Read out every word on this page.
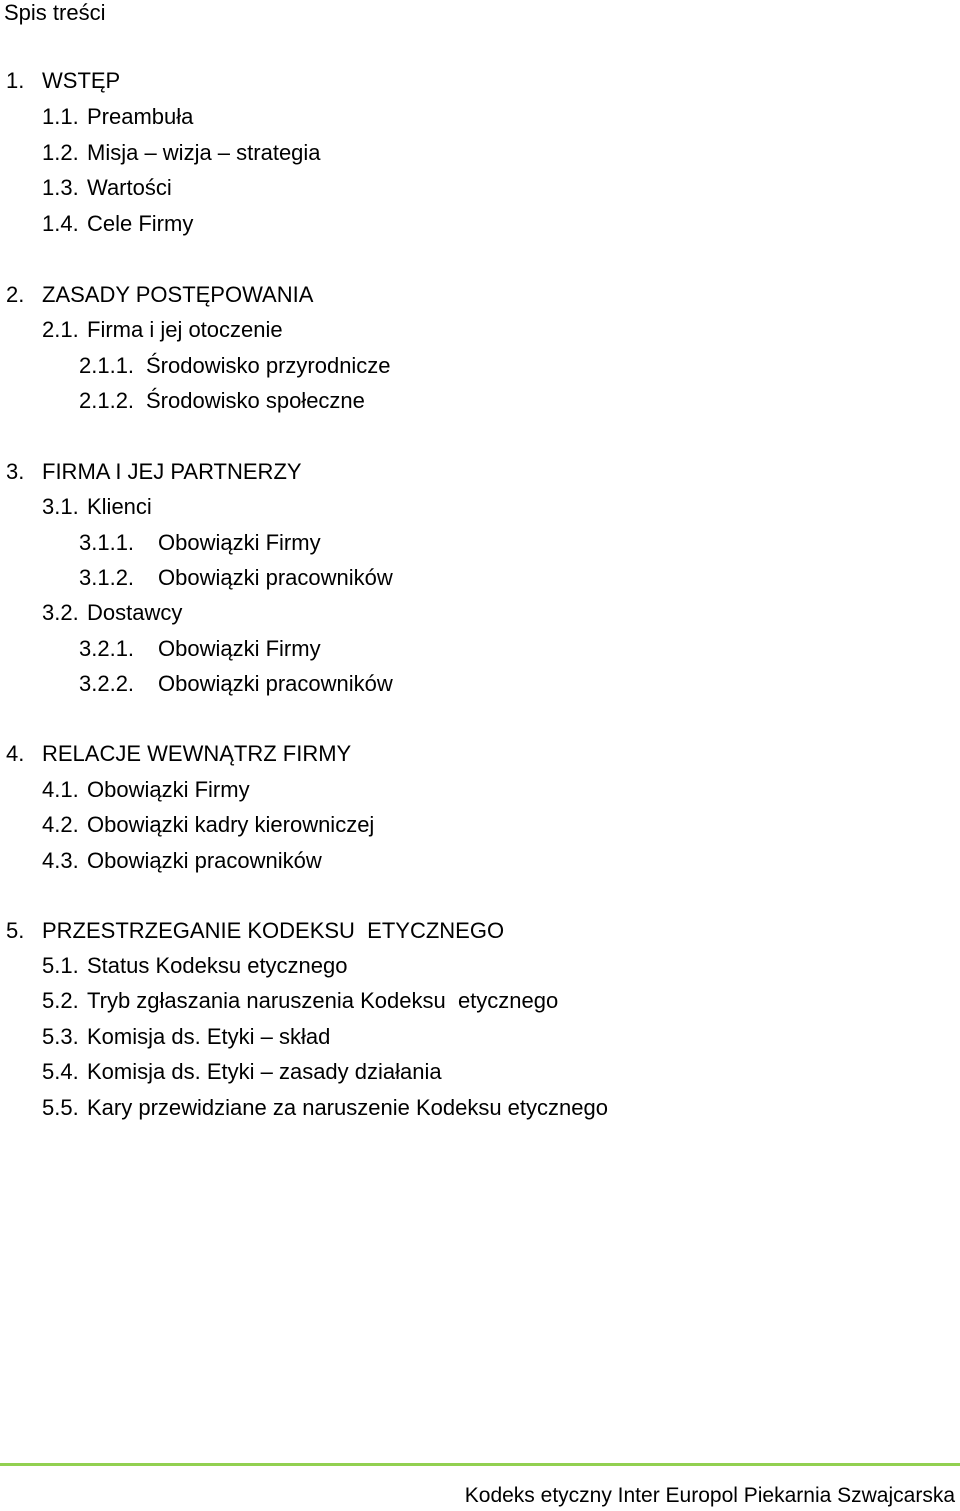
Spis treści
1. WSTĘP
1.1. Preambuła
1.2. Misja – wizja – strategia
1.3. Wartości
1.4. Cele Firmy
2. ZASADY POSTĘPOWANIA
2.1. Firma i jej otoczenie
2.1.1. Środowisko przyrodnicze
2.1.2. Środowisko społeczne
3. FIRMA I JEJ PARTNERZY
3.1. Klienci
3.1.1. Obowiązki Firmy
3.1.2. Obowiązki pracowników
3.2. Dostawcy
3.2.1. Obowiązki Firmy
3.2.2. Obowiązki pracowników
4. RELACJE WEWNĄTRZ FIRMY
4.1. Obowiązki Firmy
4.2. Obowiązki kadry kierowniczej
4.3. Obowiązki pracowników
5. PRZESTRZEGANIE KODEKSU  ETYCZNEGO
5.1. Status Kodeksu etycznego
5.2. Tryb zgłaszania naruszenia Kodeksu  etycznego
5.3. Komisja ds. Etyki – skład
5.4. Komisja ds. Etyki – zasady działania
5.5. Kary przewidziane za naruszenie Kodeksu etycznego
Kodeks etyczny Inter Europol Piekarnia Szwajcarska
